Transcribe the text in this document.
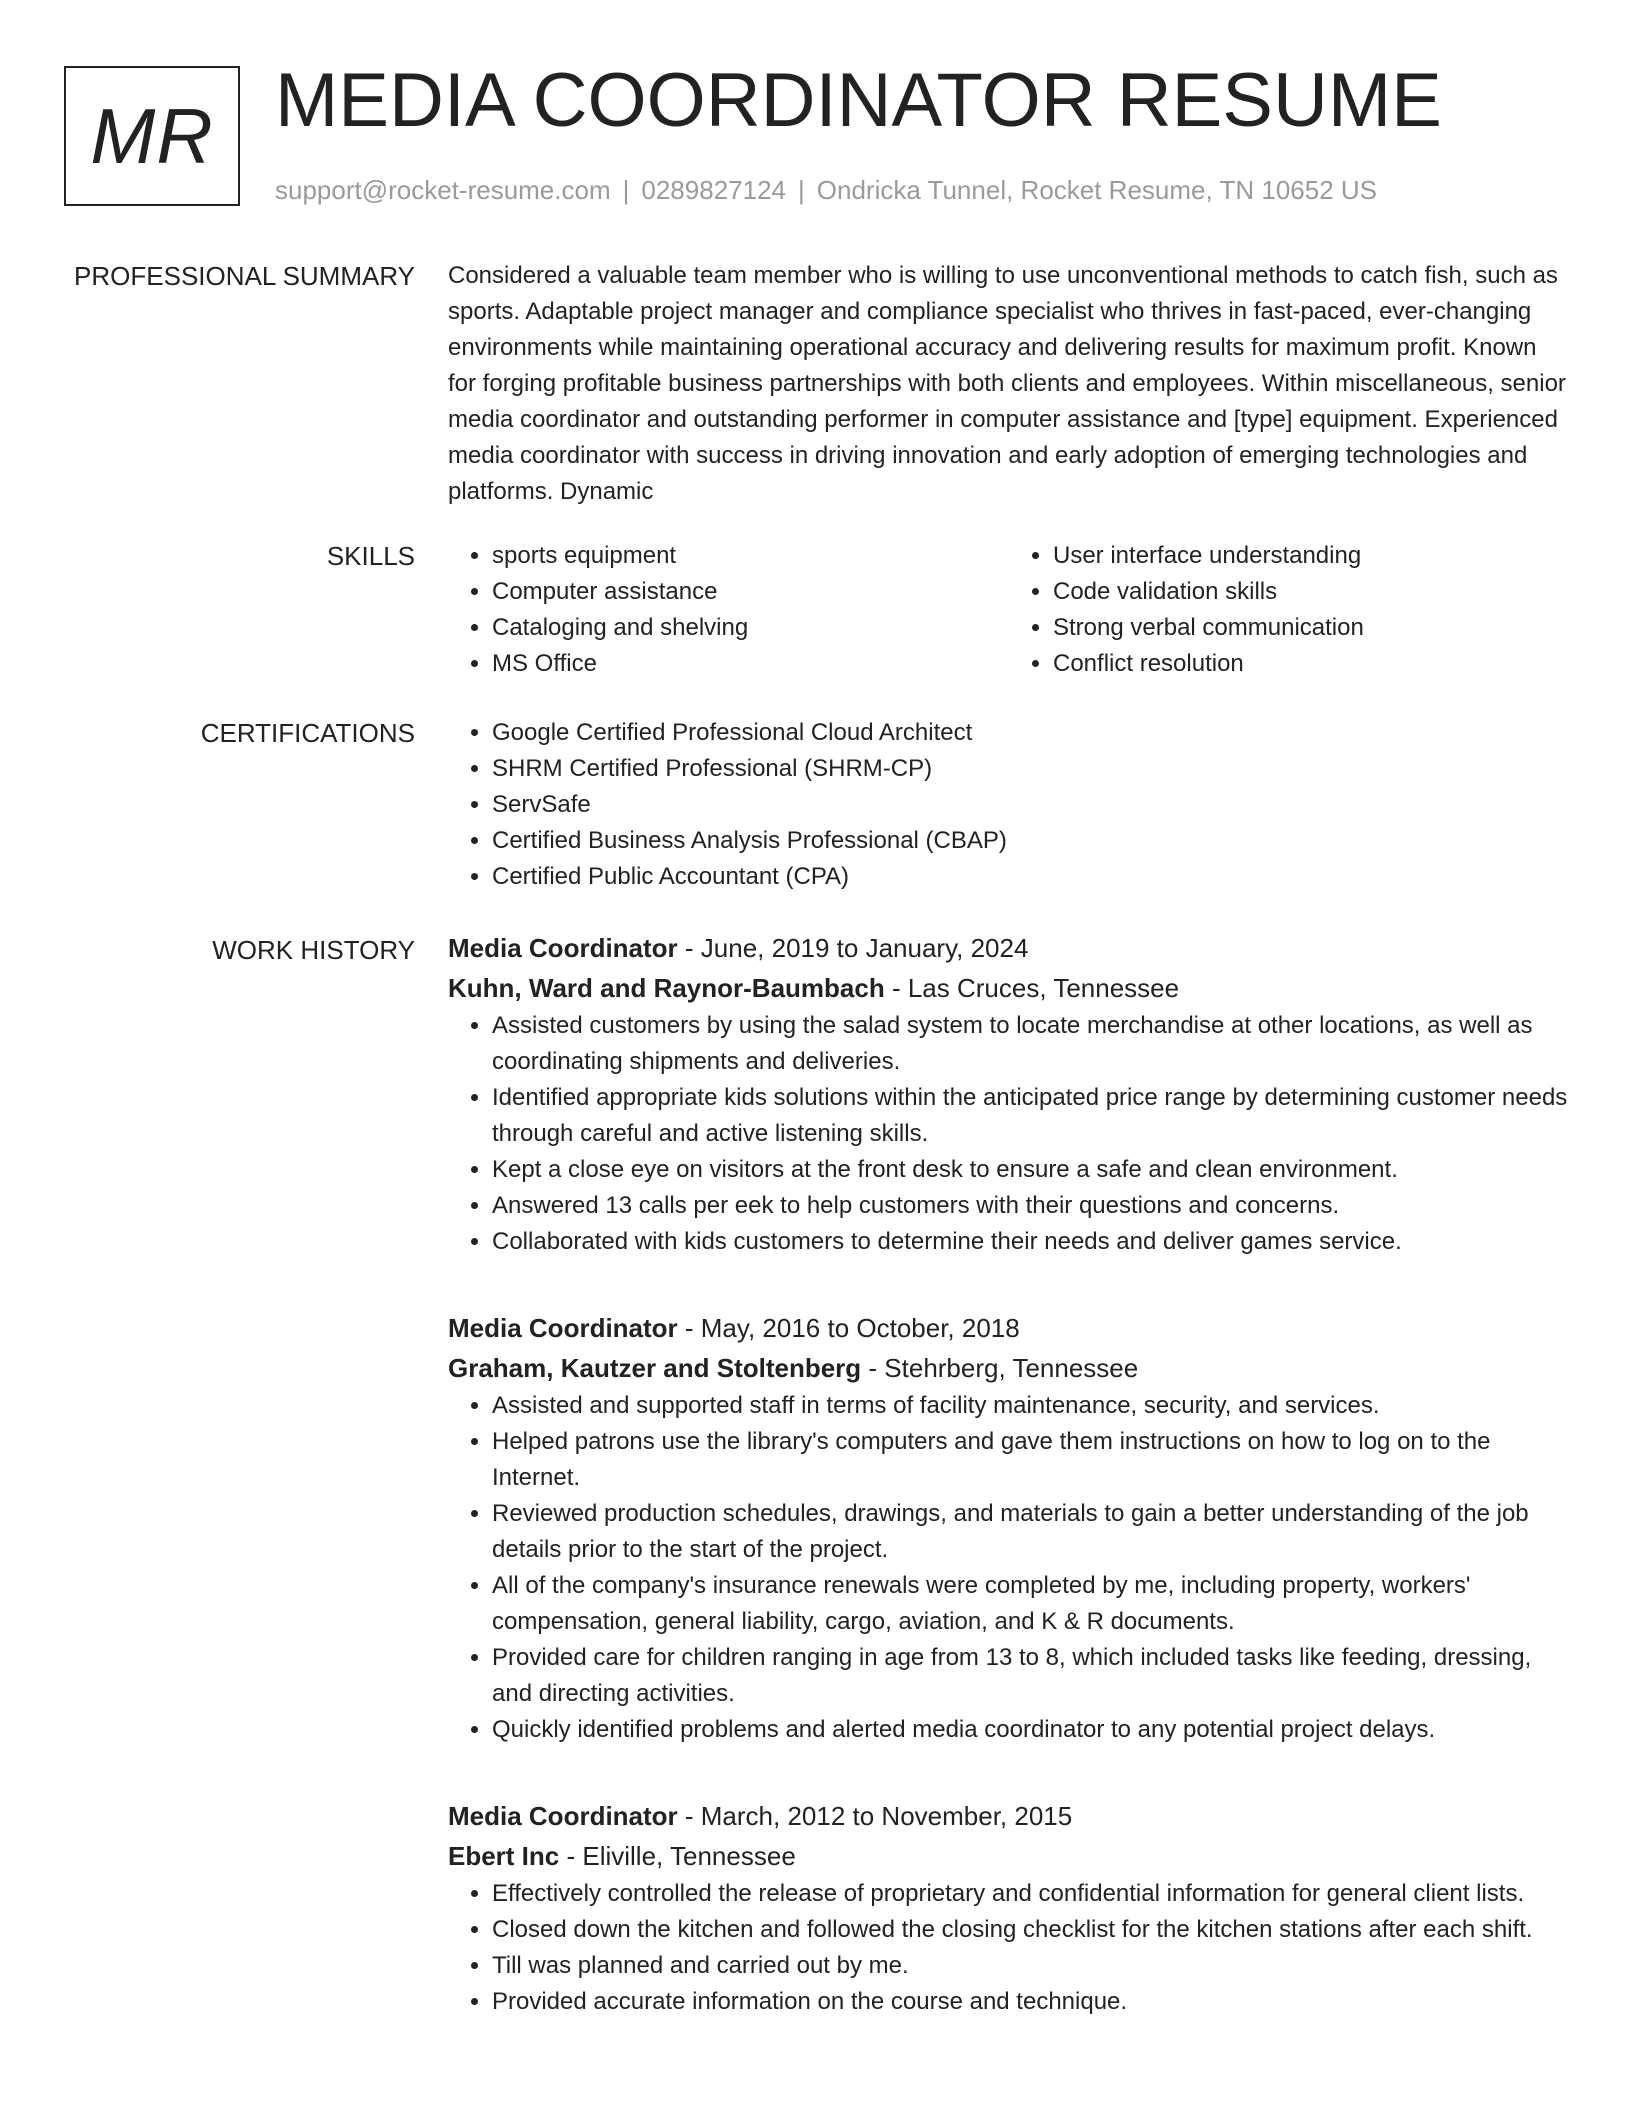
MR MEDIA COORDINATOR RESUME
support@rocket-resume.com | 0289827124 | Ondricka Tunnel, Rocket Resume, TN 10652 US
PROFESSIONAL SUMMARY Considered a valuable team member who is willing to use unconventional methods to catch fish, such as sports. Adaptable project manager and compliance specialist who thrives in fast-paced, ever-changing environments while maintaining operational accuracy and delivering results for maximum profit. Known for forging profitable business partnerships with both clients and employees. Within miscellaneous, senior media coordinator and outstanding performer in computer assistance and [type] equipment. Experienced media coordinator with success in driving innovation and early adoption of emerging technologies and platforms. Dynamic

SKILLS	• sports equipment
• Computer assistance
• Cataloging and shelving
• MS Office
• User interface understanding
• Code validation skills
• Strong verbal communication
• Conflict resolution
CERTIFICATIONS	• Google Certified Professional Cloud Architect
• SHRM Certified Professional (SHRM-CP)
• ServSafe
• Certified Business Analysis Professional (CBAP)
• Certified Public Accountant (CPA)
WORK HISTORY Media Coordinator - June, 2019 to January, 2024
Kuhn, Ward and Raynor-Baumbach - Las Cruces, Tennessee
• Assisted customers by using the salad system to locate merchandise at other locations, as well as coordinating shipments and deliveries.
• Identified appropriate kids solutions within the anticipated price range by determining customer needs through careful and active listening skills.
• Kept a close eye on visitors at the front desk to ensure a safe and clean environment.
• Answered 13 calls per eek to help customers with their questions and concerns.
• Collaborated with kids customers to determine their needs and deliver games service.
Media Coordinator - May, 2016 to October, 2018
Graham, Kautzer and Stoltenberg - Stehrberg, Tennessee
• Assisted and supported staff in terms of facility maintenance, security, and services.
• Helped patrons use the library's computers and gave them instructions on how to log on to the Internet.
• Reviewed production schedules, drawings, and materials to gain a better understanding of the job details prior to the start of the project.
• All of the company's insurance renewals were completed by me, including property, workers' compensation, general liability, cargo, aviation, and K & R documents.
• Provided care for children ranging in age from 13 to 8, which included tasks like feeding, dressing, and directing activities.
• Quickly identified problems and alerted media coordinator to any potential project delays.
Media Coordinator - March, 2012 to November, 2015
Ebert Inc - Eliville, Tennessee
• Effectively controlled the release of proprietary and confidential information for general client lists.
• Closed down the kitchen and followed the closing checklist for the kitchen stations after each shift.
• Till was planned and carried out by me.
• Provided accurate information on the course and technique.
